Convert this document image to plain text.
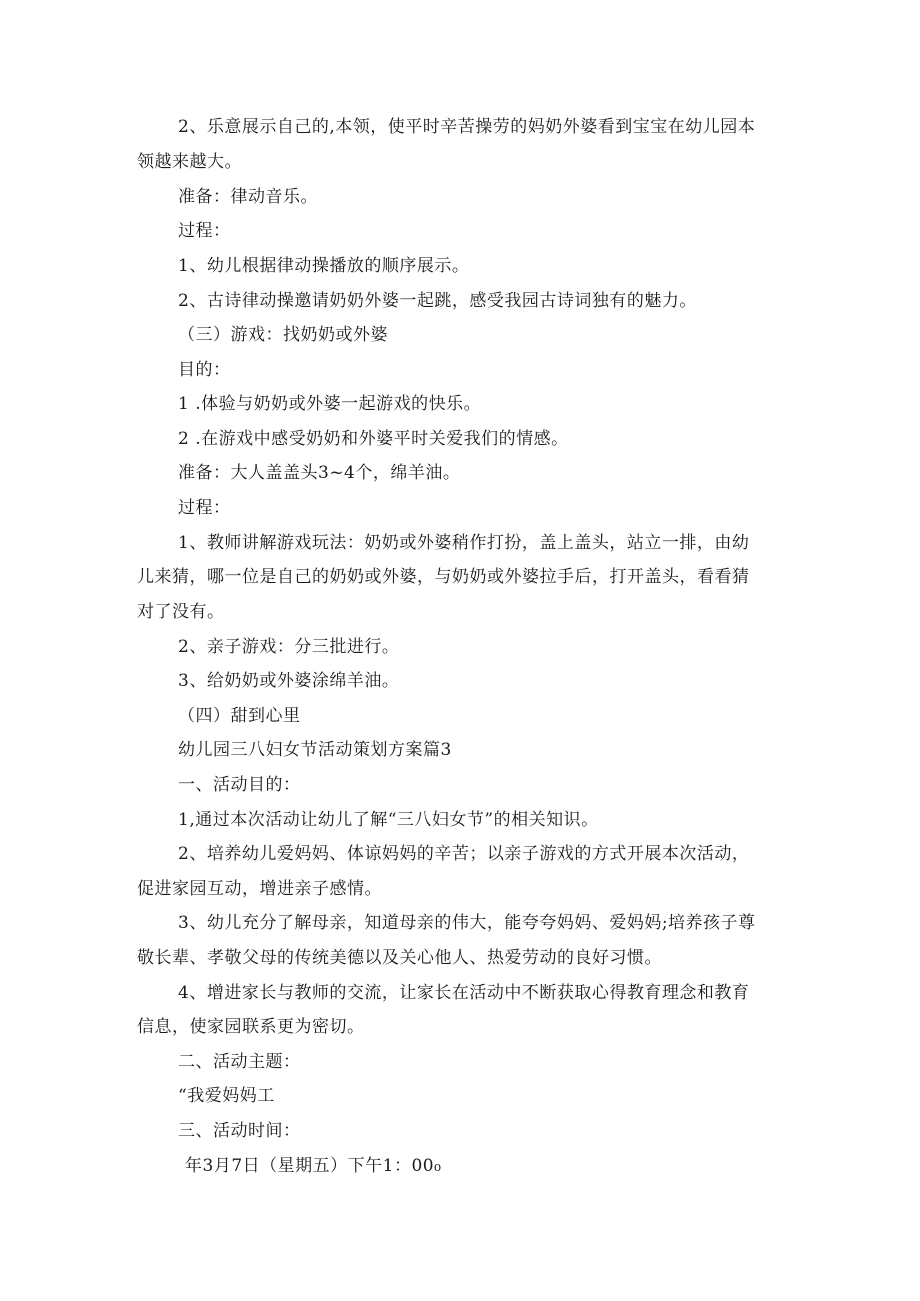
2、乐意展示自己的,本领，使平时辛苦操劳的妈奶外婆看到宝宝在幼儿园本
领越来越大。
准备：律动音乐。
过程：
1、幼儿根据律动操播放的顺序展示。
2、古诗律动操邀请奶奶外婆一起跳，感受我园古诗词独有的魅力。
（三）游戏：找奶奶或外婆
目的：
1 .体验与奶奶或外婆一起游戏的快乐。
2 .在游戏中感受奶奶和外婆平时关爱我们的情感。
准备：大人盖盖头3~4个，绵羊油。
过程：
1、教师讲解游戏玩法：奶奶或外婆稍作打扮，盖上盖头，站立一排，由幼
儿来猜，哪一位是自己的奶奶或外婆，与奶奶或外婆拉手后，打开盖头，看看猜
对了没有。
2、亲子游戏：分三批进行。
3、给奶奶或外婆涂绵羊油。
（四）甜到心里
幼儿园三八妇女节活动策划方案篇3
一、活动目的：
1,通过本次活动让幼儿了解“三八妇女节”的相关知识。
2、培养幼儿爱妈妈、体谅妈妈的辛苦；以亲子游戏的方式开展本次活动，
促进家园互动，增进亲子感情。
3、幼儿充分了解母亲，知道母亲的伟大，能夸夸妈妈、爱妈妈;培养孩子尊
敬长辈、孝敬父母的传统美德以及关心他人、热爱劳动的良好习惯。
4、增进家长与教师的交流，让家长在活动中不断获取心得教育理念和教育
信息，使家园联系更为密切。
二、活动主题：
“我爱妈妈工
三、活动时间：
年3月7日（星期五）下午1：00₀
